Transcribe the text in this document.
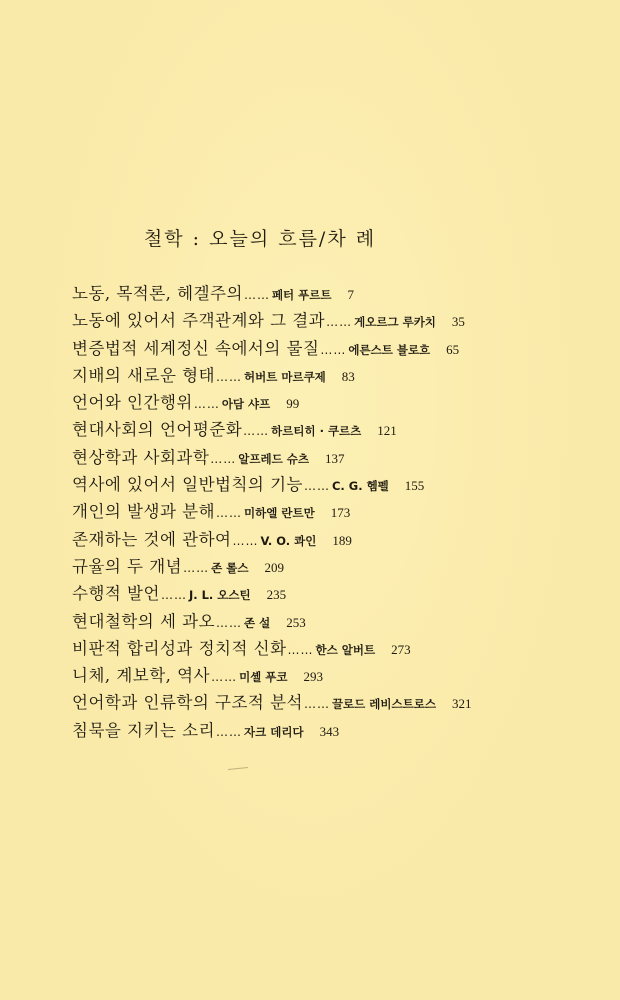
철학 : 오늘의 흐름/차 례
노동, 목적론, 헤겔주의…… 페터 푸르트 7
노동에 있어서 주객관계와 그 결과…… 게오르그 루카치 35
변증법적 세계정신 속에서의 물질…… 에른스트 블로흐 65
지배의 새로운 형태…… 허버트 마르쿠제 83
언어와 인간행위…… 아담 샤프 99
현대사회의 언어평준화…… 하르티히 · 쿠르츠 121
현상학과 사회과학…… 알프레드 슈츠 137
역사에 있어서 일반법칙의 기능…… C. G. 헴펠 155
개인의 발생과 분해…… 미하엘 란트만 173
존재하는 것에 관하여…… V. O. 콰인 189
규율의 두 개념…… 존 롤스 209
수행적 발언…… J. L. 오스틴 235
현대철학의 세 과오…… 존 설 253
비판적 합리성과 정치적 신화…… 한스 알버트 273
니체, 계보학, 역사…… 미셸 푸코 293
언어학과 인류학의 구조적 분석…… 끌로드 레비스트로스 321
침묵을 지키는 소리…… 자크 데리다 343
